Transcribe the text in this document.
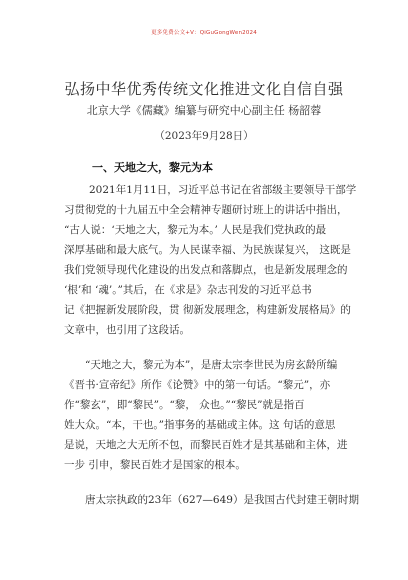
更多免费公文+V：QiGuGongWen2024
弘扬中华优秀传统文化推进文化自信自强
北京大学《儒藏》编纂与研究中心副主任 杨韶蓉
（2023年9月28日）
一、天地之大，黎元为本
2021年1月11日，习近平总书记在省部级主要领导干部学
习贯彻党的十九届五中全会精神专题研讨班上的讲话中指出，
“古人说：‘天地之大，黎元为本。’ 人民是我们党执政的最
深厚基础和最大底气。为人民谋幸福、为民族谋复兴， 这既是
我们党领导现代化建设的出发点和落脚点，也是新发展理念的
‘根’和 ‘魂’。”其后，在《求是》杂志刊发的习近平总书
记《把握新发展阶段，贯 彻新发展理念，构建新发展格局》的
文章中，也引用了这段话。
“天地之大，黎元为本”，是唐太宗李世民为房玄龄所编
《晋书·宣帝纪》所作《论赞》中的第一句话。“黎元”，亦
作“黎玄”，即“黎民”。“黎， 众也。”“黎民”就是指百
姓大众。“本，干也。”指事务的基础或主体。这 句话的意思
是说，天地之大无所不包，而黎民百姓才是其基础和主体，进
一步 引申，黎民百姓才是国家的根本。
唐太宗执政的23年（627—649）是我国古代封建王朝时期
